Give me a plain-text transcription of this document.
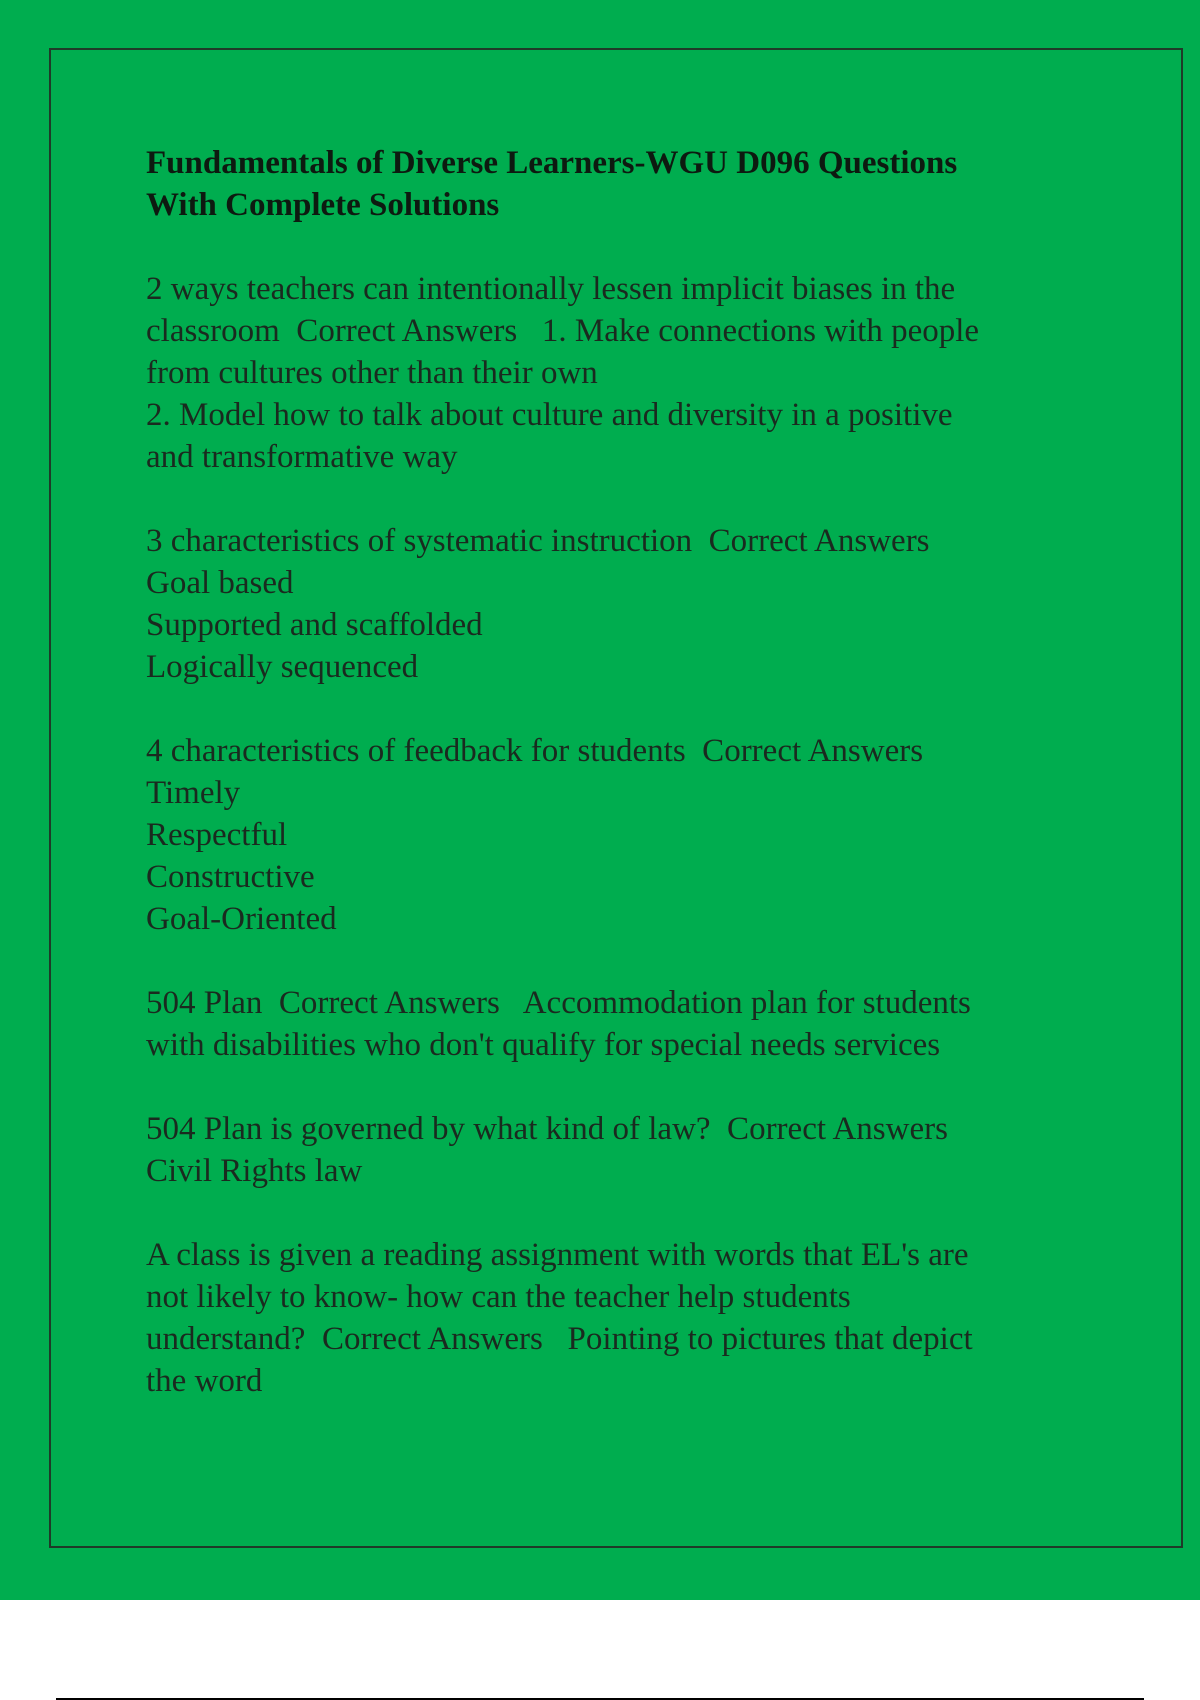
Fundamentals of Diverse Learners-WGU D096 Questions
With Complete Solutions
2 ways teachers can intentionally lessen implicit biases in the
classroom  Correct Answers   1. Make connections with people
from cultures other than their own
2. Model how to talk about culture and diversity in a positive
and transformative way
3 characteristics of systematic instruction  Correct Answers
Goal based
Supported and scaffolded
Logically sequenced
4 characteristics of feedback for students  Correct Answers
Timely
Respectful
Constructive
Goal-Oriented
504 Plan  Correct Answers   Accommodation plan for students
with disabilities who don't qualify for special needs services
504 Plan is governed by what kind of law?  Correct Answers
Civil Rights law
A class is given a reading assignment with words that EL's are
not likely to know- how can the teacher help students
understand?  Correct Answers   Pointing to pictures that depict
the word
